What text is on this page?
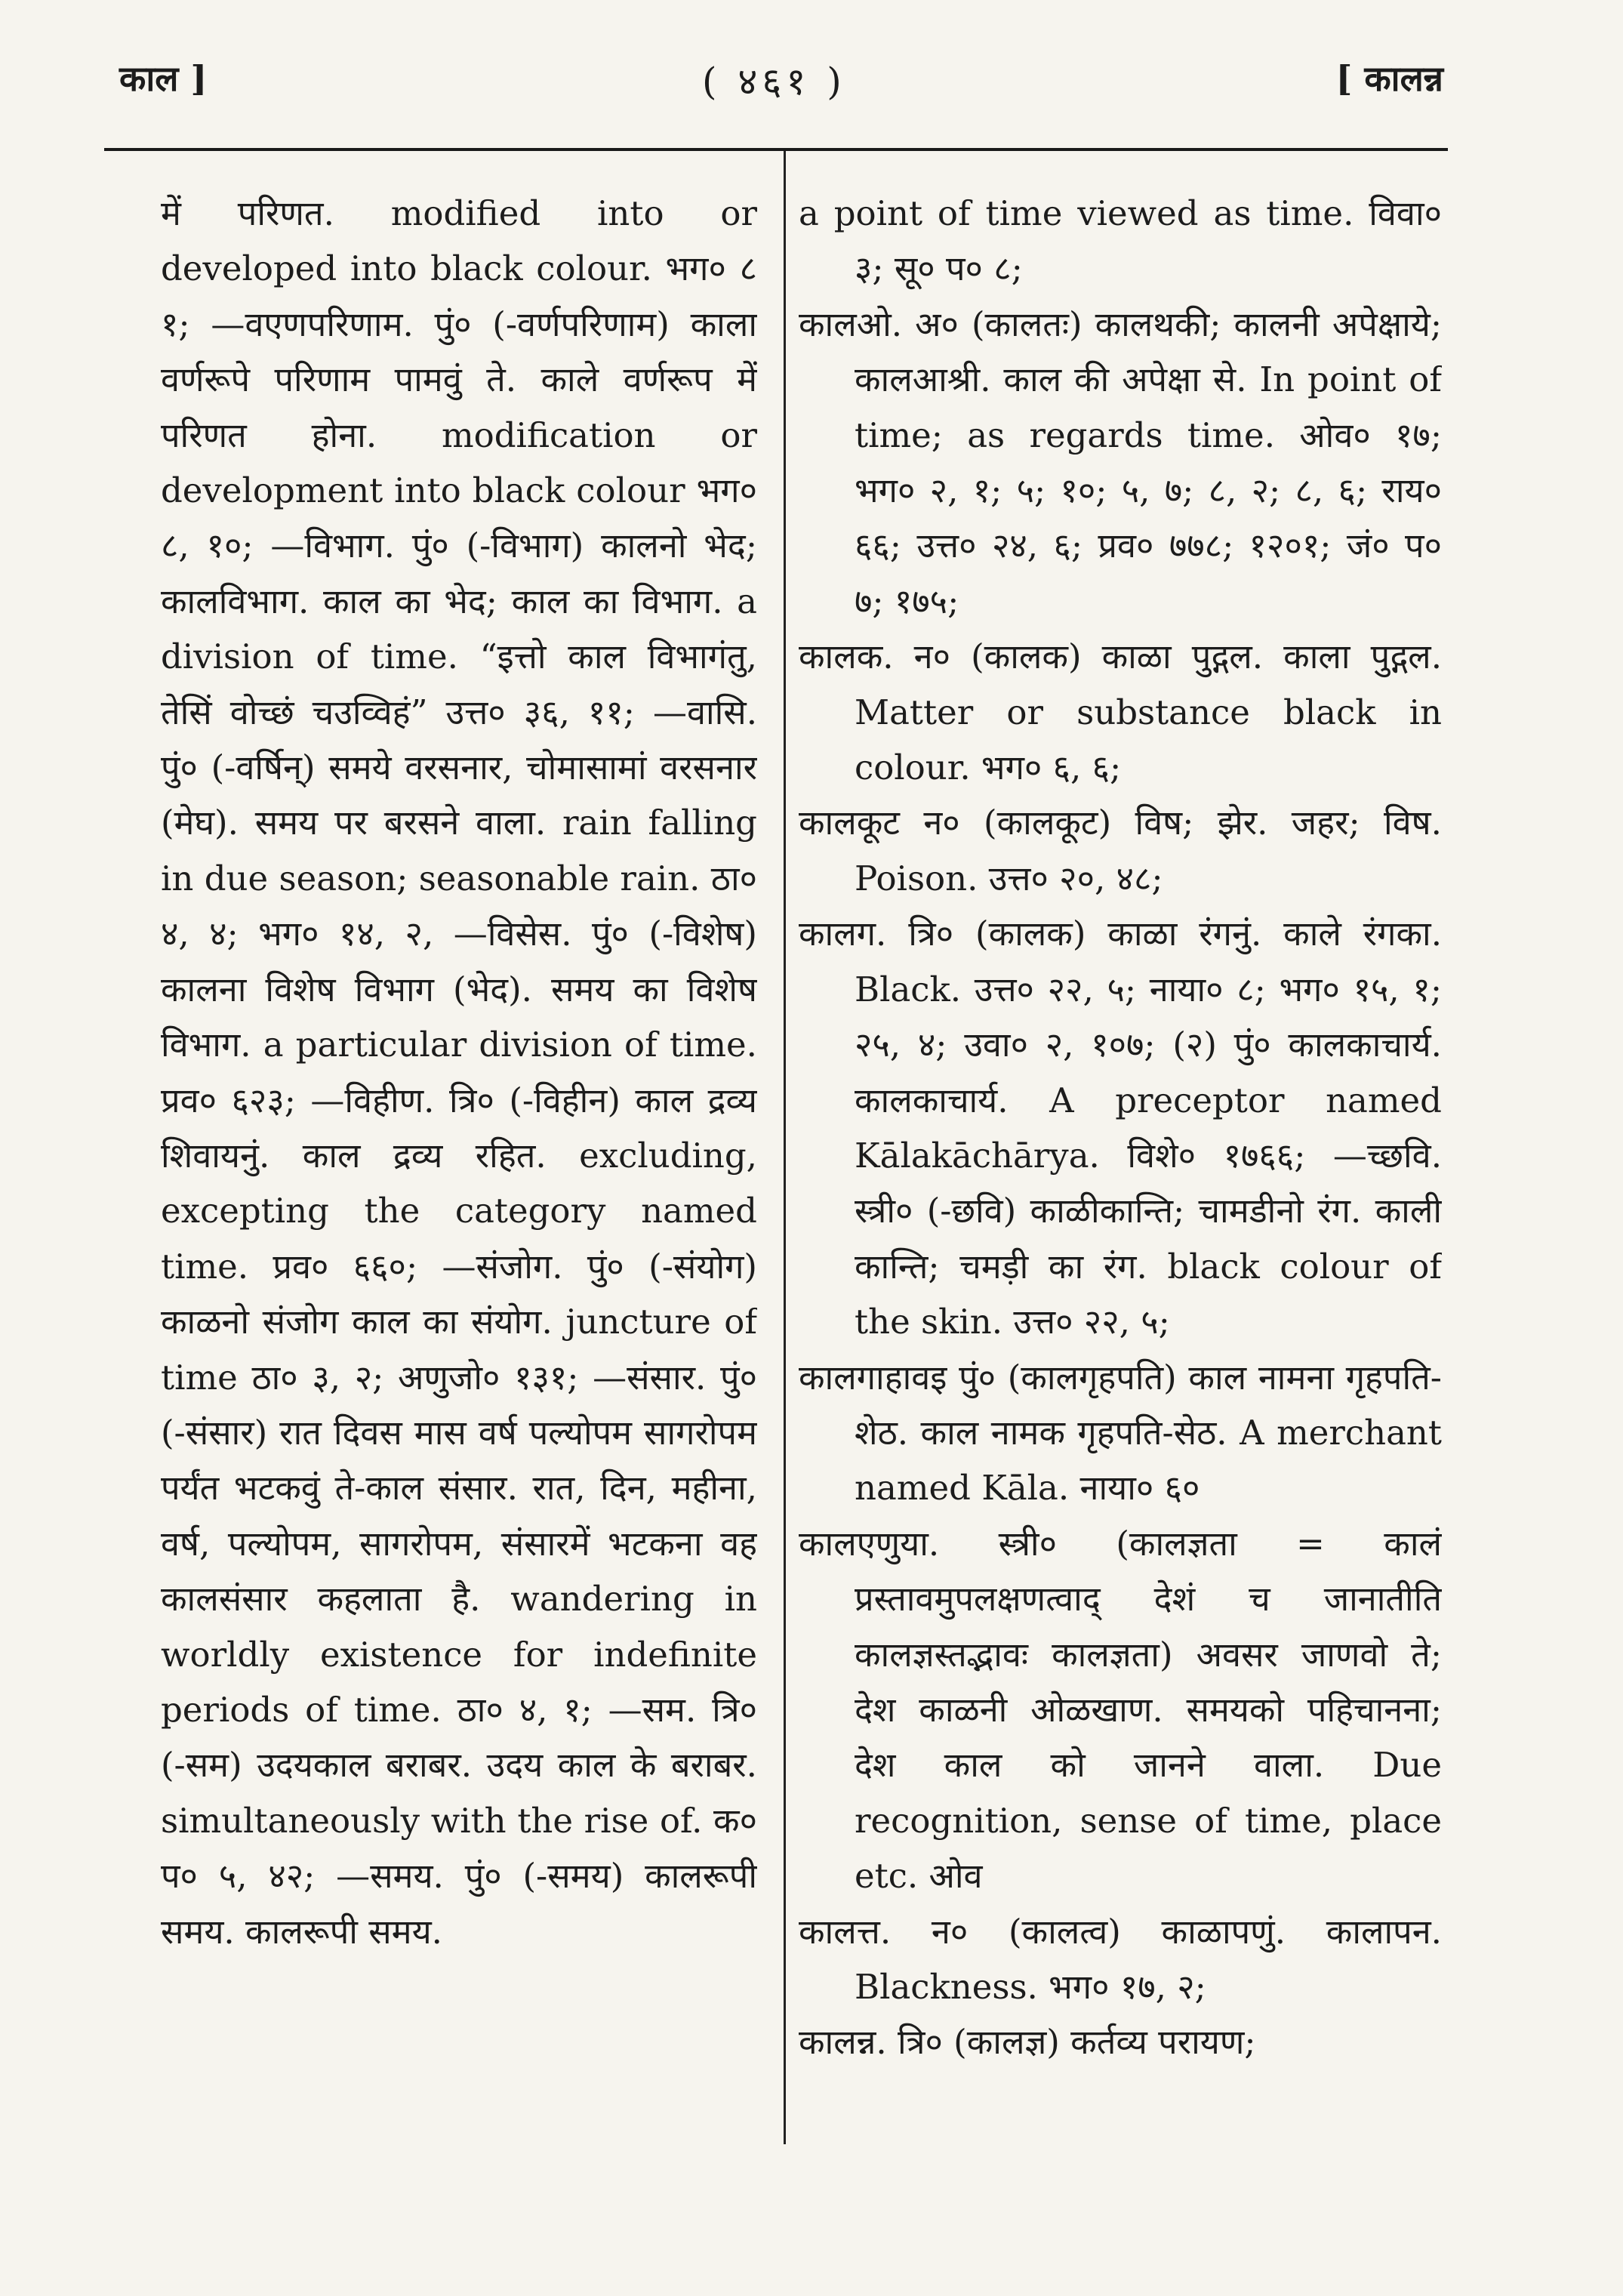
काल ]	( ४६१ )	[ कालन्न

में परिणत. modified into or developed into black colour. भग० ८ १; —वएणपरिणाम. पुं० (-वर्णपरिणाम) काला वर्णरूपे परिणाम पामवुं ते. काले वर्णरूप में परिणत होना. modification or development into black colour भग० ८, १०; —विभाग. पुं० (-विभाग) कालनो भेद; कालविभाग. काल का भेद; काल का विभाग. a division of time. “इत्तो काल विभागंतु, तेसिं वोच्छं चउव्विहं” उत्त० ३६, ११; —वासि. पुं० (-वर्षिन्) समये वरसनार, चोमासामां वरसनार (मेघ). समय पर बरसने वाला. rain falling in due season; seasonable rain. ठा० ४, ४; भग० १४, २, —विसेस. पुं० (-विशेष) कालना विशेष विभाग (भेद). समय का विशेष विभाग. a particular division of time. प्रव० ६२३; —विहीण. त्रि० (-विहीन) काल द्रव्य शिवायनुं. काल द्रव्य रहित. excluding, excepting the category named time. प्रव० ६६०; —संजोग. पुं० (-संयोग) काळनो संजोग काल का संयोग. juncture of time ठा० ३, २; अणुजो० १३१; —संसार. पुं० (-संसार) रात दिवस मास वर्ष पल्योपम सागरोपम पर्यंत भटकवुं ते-काल संसार. रात, दिन, महीना, वर्ष, पल्योपम, सागरोपम, संसारमें भटकना वह कालसंसार कहलाता है. wandering in worldly existence for indefinite periods of time. ठा० ४, १; —सम. त्रि० (-सम) उदयकाल बराबर. उदय काल के बराबर. simultaneously with the rise of. क० प० ५, ४२; —समय. पुं० (-समय) कालरूपी समय. कालरूपी समय.

a point of time viewed as time. विवा० ३; सू० प० ८;

कालओ. अ० (कालतः) कालथकी; कालनी अपेक्षाये; कालआश्री. काल की अपेक्षा से. In point of time; as regards time. ओव० १७; भग० २, १; ५; १०; ५, ७; ८, २; ८, ६; राय० ६६; उत्त० २४, ६; प्रव० ७७८; १२०१; जं० प० ७; १७५;

कालक. न० (कालक) काळा पुद्गल. काला पुद्गल. Matter or substance black in colour. भग० ६, ६;

कालकूट न० (कालकूट) विष; झेर. जहर; विष. Poison. उत्त० २०, ४८;

कालग. त्रि० (कालक) काळा रंगनुं. काले रंगका. Black. उत्त० २२, ५; नाया० ८; भग० १५, १; २५, ४; उवा० २, १०७; (२) पुं० कालकाचार्य. कालकाचार्य. A preceptor named Kālakāchārya. विशे० १७६६; —च्छवि. स्त्री० (-छवि) काळीकान्ति; चामडीनो रंग. काली कान्ति; चमड़ी का रंग. black colour of the skin. उत्त० २२, ५;

कालगाहावइ पुं० (कालगृहपति) काल नामना गृहपति-शेठ. काल नामक गृहपति-सेठ. A merchant named Kāla. नाया० ६०

कालएणुया. स्त्री० (कालज्ञता = कालं प्रस्तावमुपलक्षणत्वाद् देशं च जानातीति कालज्ञस्तद्भावः कालज्ञता) अवसर जाणवो ते; देश काळनी ओळखाण. समयको पहिचानना; देश काल को जानने वाला. Due recognition, sense of time, place etc. ओव

कालत्त. न० (कालत्व) काळापणुं. कालापन. Blackness. भग० १७, २;

कालन्न. त्रि० (कालज्ञ) कर्तव्य परायण;
